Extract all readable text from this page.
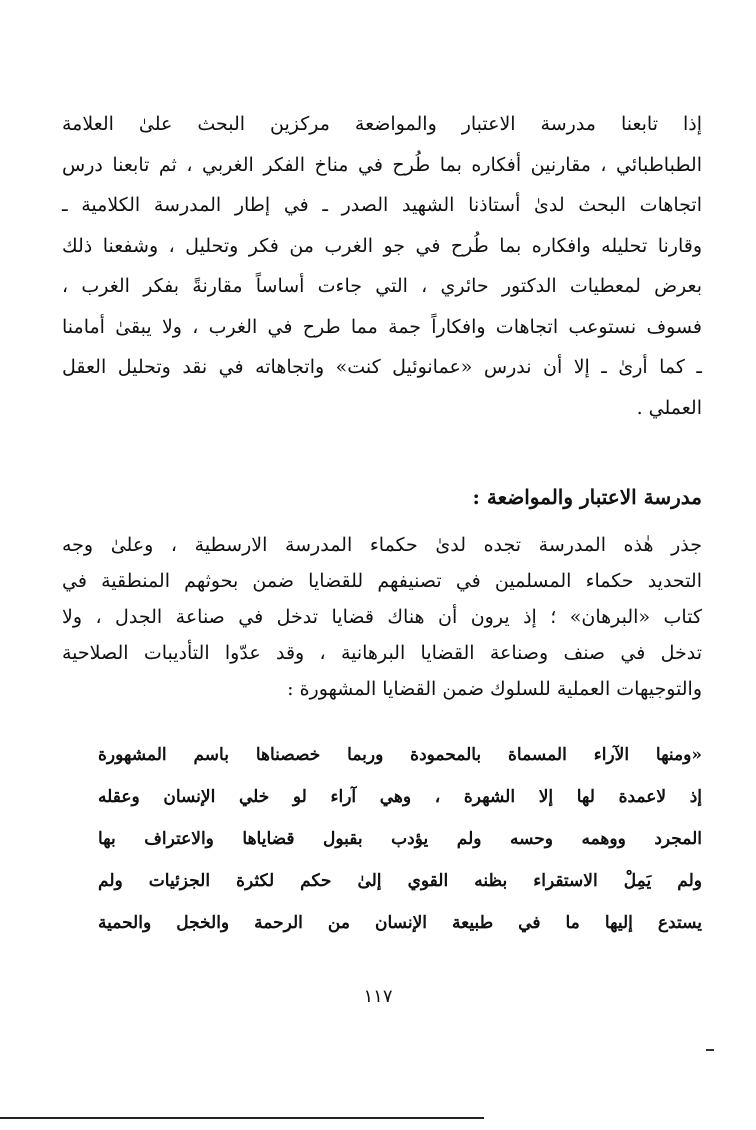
إذا تابعنا مدرسة الاعتبار والمواضعة مركزين البحث علىٰ العلامة
الطباطبائي ، مقارنين أفكاره بما طُرح في مناخ الفكر الغربي ، ثم تابعنا درس
اتجاهات البحث لدىٰ أستاذنا الشهيد الصدر ـ في إطار المدرسة الكلامية ـ
وقارنا تحليله وافكاره بما طُرح في جو الغرب من فكر وتحليل ، وشفعنا ذلك
بعرض لمعطيات الدكتور حائري ، التي جاءت أساساً مقارنةً بفكر الغرب ،
فسوف نستوعب اتجاهات وافكاراً جمة مما طرح في الغرب ، ولا يبقىٰ أمامنا
ـ كما أرىٰ ـ إلا أن ندرس «عمانوئيل كنت» واتجاهاته في نقد وتحليل العقل
العملي .
مدرسة الاعتبار والمواضعة :
جذر هٰذه المدرسة تجده لدىٰ حكماء المدرسة الارسطية ، وعلىٰ وجه
التحديد حكماء المسلمين في تصنيفهم للقضايا ضمن بحوثهم المنطقية في
كتاب «البرهان» ؛ إذ يرون أن هناك قضايا تدخل في صناعة الجدل ، ولا
تدخل في صنف وصناعة القضايا البرهانية ، وقد عدّوا التأديبات الصلاحية
والتوجيهات العملية للسلوك ضمن القضايا المشهورة :
«ومنها الآراء المسماة بالمحمودة وربما خصصناها باسم المشهورة
إذ لاعمدة لها إلا الشهرة ، وهي آراء لو خلي الإنسان وعقله
المجرد ووهمه وحسه ولم يؤدب بقبول قضاياها والاعتراف بها
ولم يَمِلْ الاستقراء بظنه القوي إلىٰ حكم لكثرة الجزئيات ولم
يستدع إليها ما في طبيعة الإنسان من الرحمة والخجل والحمية
١١٧
